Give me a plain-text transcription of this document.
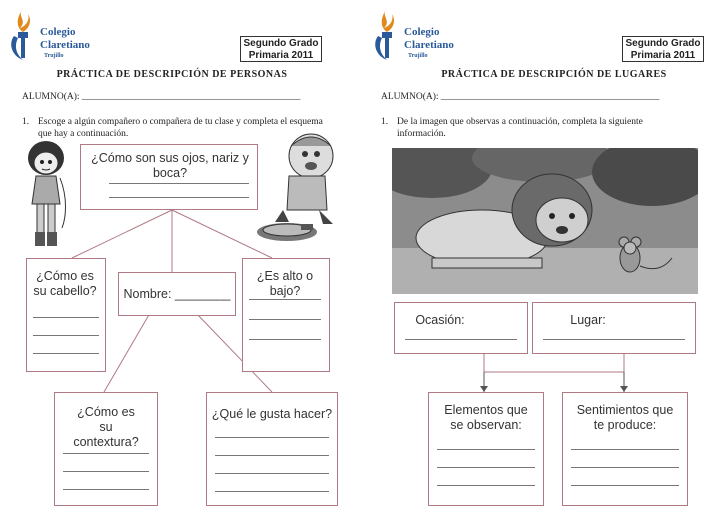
Colegio
Claretiano
Trujillo
Segundo Grado
Primaria 2011
PRÁCTICA DE DESCRIPCIÓN DE PERSONAS
ALUMNO(A): ______________________________________________
1. Escoge a algún compañero o compañera de tu clase y completa el esquema que hay a continuación.
¿Cómo son sus ojos, nariz y boca?
¿Cómo es su cabello?	Nombre: ________
¿Es alto o bajo?
¿Cómo es su contextura?
¿Qué le gusta hacer?
Colegio
Claretiano
Trujillo
Segundo Grado
Primaria 2011
PRÁCTICA DE DESCRIPCIÓN DE LUGARES
ALUMNO(A): ______________________________________________
1. De la imagen que observas a continuación, completa la siguiente información.
Ocasión:	Lugar:
Elementos que se observan:
Sentimientos que te produce:
